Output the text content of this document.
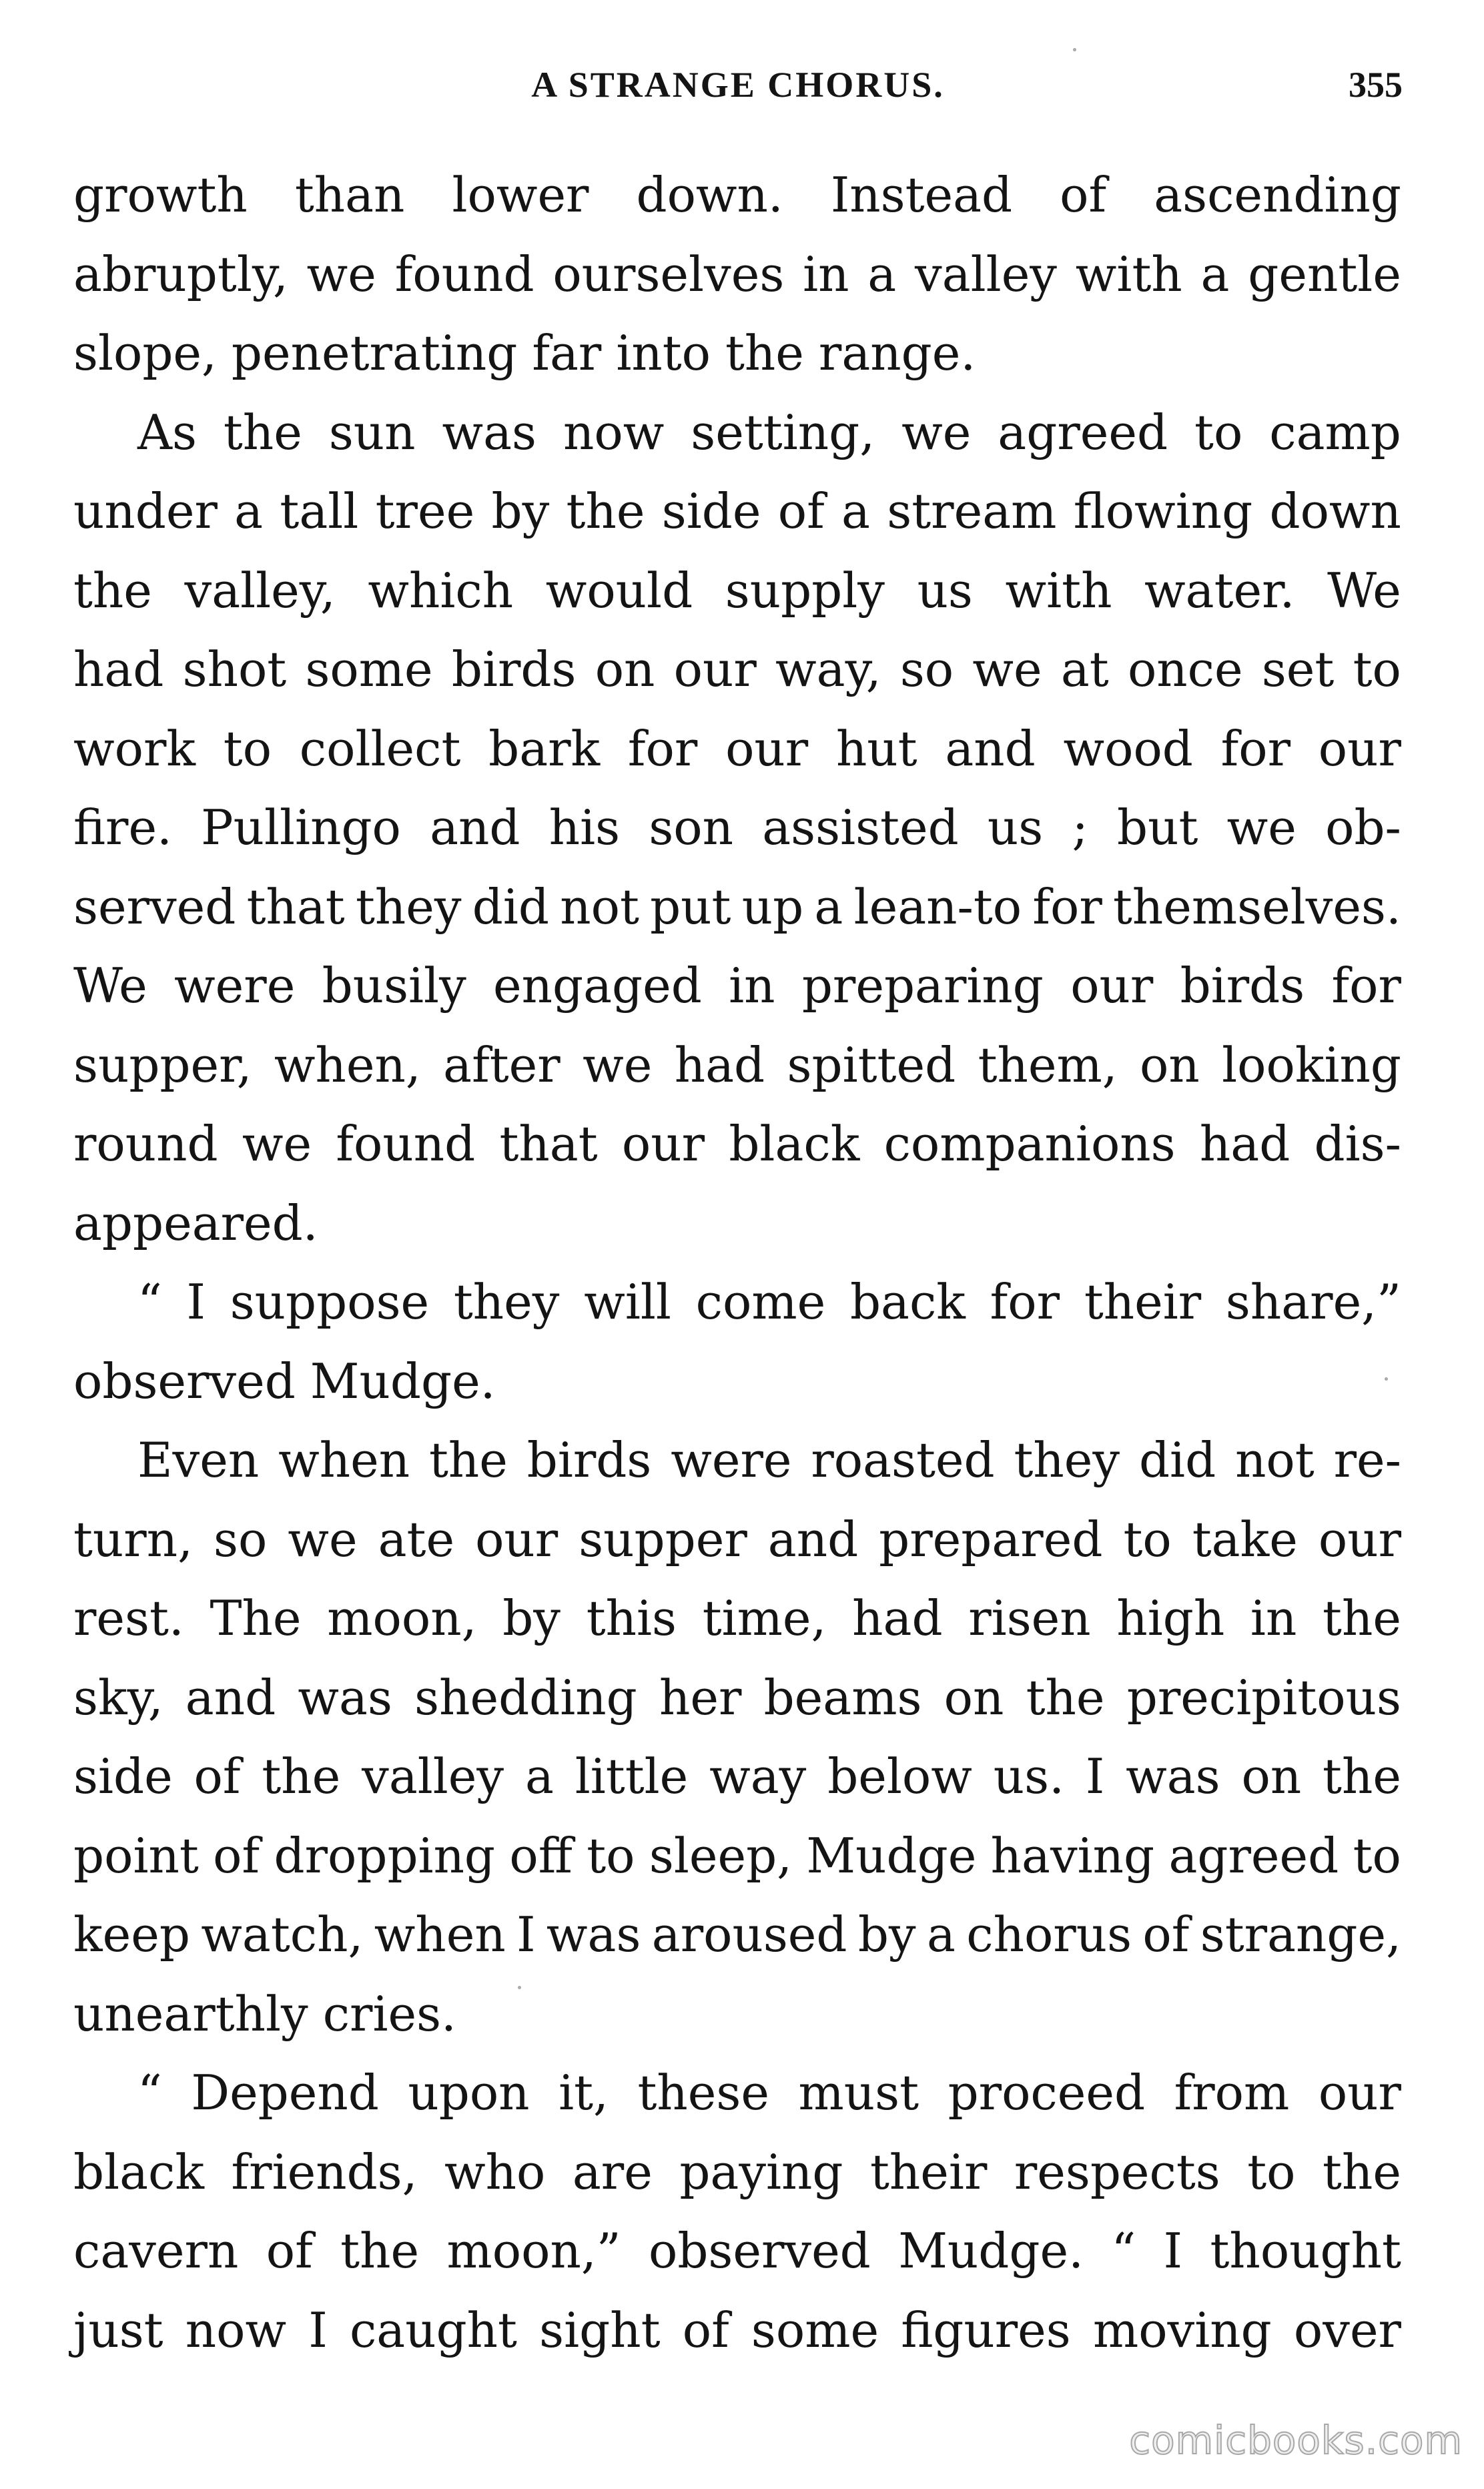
A STRANGE CHORUS.	355
growth than lower down. Instead of ascending
abruptly, we found ourselves in a valley with a gentle
slope, penetrating far into the range.
As the sun was now setting, we agreed to camp
under a tall tree by the side of a stream flowing down
the valley, which would supply us with water. We
had shot some birds on our way, so we at once set to
work to collect bark for our hut and wood for our
fire. Pullingo and his son assisted us ; but we ob-
served that they did not put up a lean-to for themselves.
We were busily engaged in preparing our birds for
supper, when, after we had spitted them, on looking
round we found that our black companions had dis-
appeared.
“ I suppose they will come back for their share,”
observed Mudge.
Even when the birds were roasted they did not re-
turn, so we ate our supper and prepared to take our
rest. The moon, by this time, had risen high in the
sky, and was shedding her beams on the precipitous
side of the valley a little way below us. I was on the
point of dropping off to sleep, Mudge having agreed to
keep watch, when I was aroused by a chorus of strange,
unearthly cries.
“ Depend upon it, these must proceed from our
black friends, who are paying their respects to the
cavern of the moon,” observed Mudge. “ I thought
just now I caught sight of some figures moving over
comicbooks.com
